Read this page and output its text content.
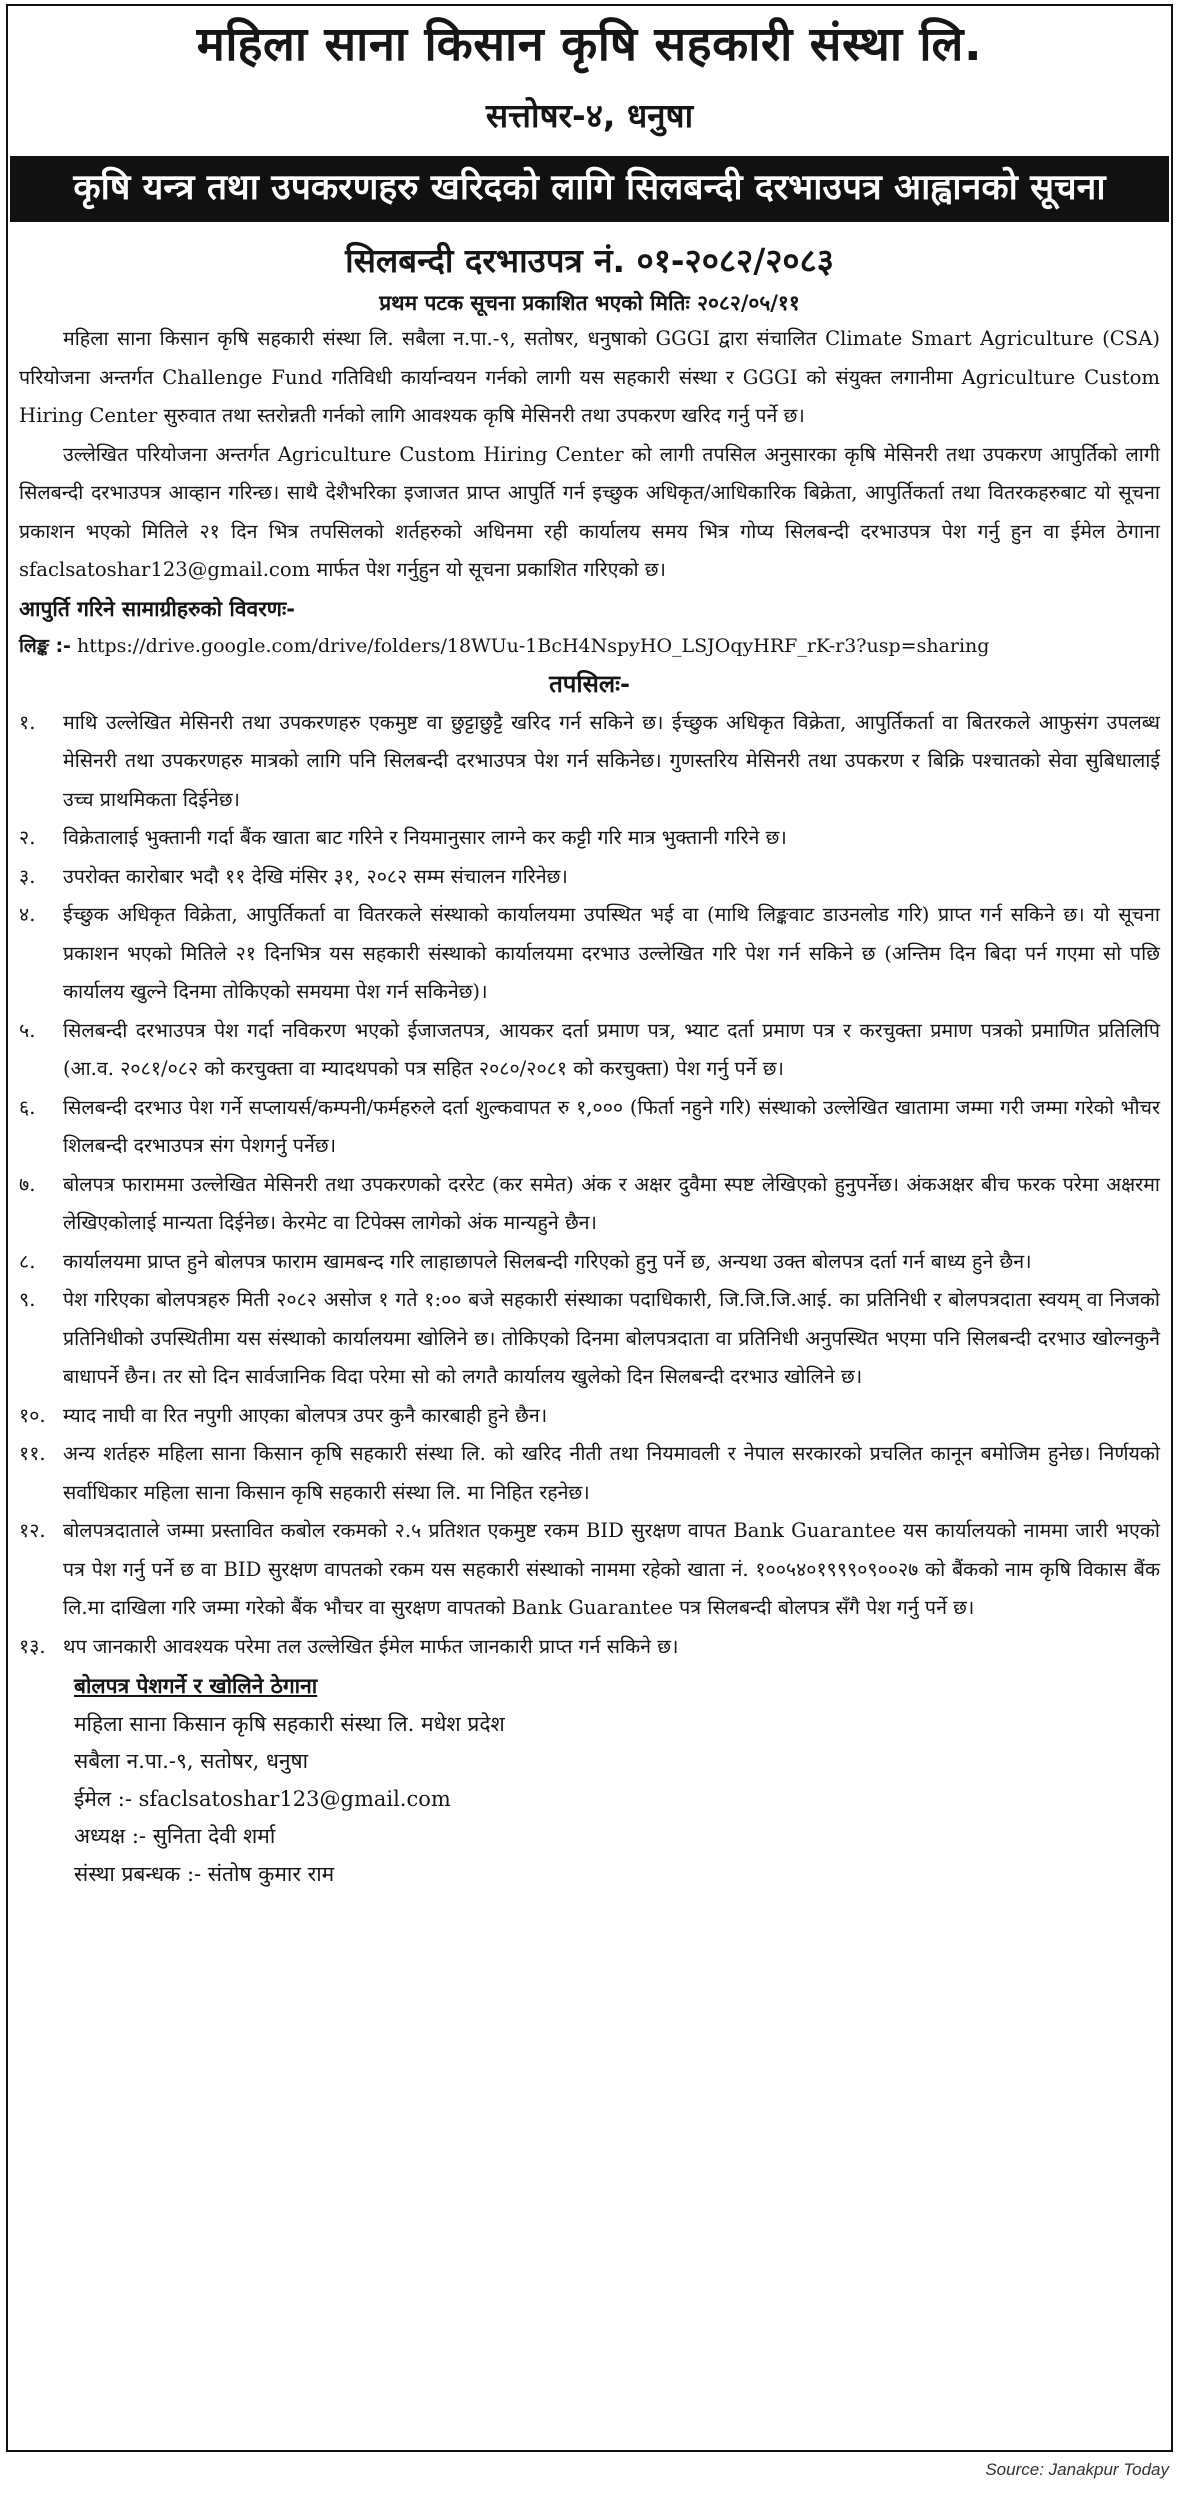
महिला साना किसान कृषि सहकारी संस्था लि.
सत्तोषर-४, धनुषा
कृषि यन्त्र तथा उपकरणहरु खरिदको लागि सिलबन्दी दरभाउपत्र आह्वानको सूचना
सिलबन्दी दरभाउपत्र नं. ०१-२०८२/२०८३
प्रथम पटक सूचना प्रकाशित भएको मितिः २०८२/०५/११

महिला साना किसान कृषि सहकारी संस्था लि. सबैला न.पा.-९, सतोषर, धनुषाको GGGI द्वारा संचालित Climate Smart Agriculture (CSA) परियोजना अन्तर्गत Challenge Fund गतिविधी कार्यान्वयन गर्नको लागी यस सहकारी संस्था र GGGI को संयुक्त लगानीमा Agriculture Custom Hiring Center सुरुवात तथा स्तरोन्नती गर्नको लागि आवश्यक कृषि मेसिनरी तथा उपकरण खरिद गर्नु पर्ने छ।

उल्लेखित परियोजना अन्तर्गत Agriculture Custom Hiring Center को लागी तपसिल अनुसारका कृषि मेसिनरी तथा उपकरण आपुर्तिको लागी सिलबन्दी दरभाउपत्र आव्हान गरिन्छ। साथै देशैभरिका इजाजत प्राप्त आपुर्ति गर्न इच्छुक अधिकृत/आधिकारिक बिक्रेता, आपुर्तिकर्ता तथा वितरकहरुबाट यो सूचना प्रकाशन भएको मितिले २१ दिन भित्र तपसिलको शर्तहरुको अधिनमा रही कार्यालय समय भित्र गोप्य सिलबन्दी दरभाउपत्र पेश गर्नु हुन वा ईमेल ठेगाना sfaclsatoshar123@gmail.com मार्फत पेश गर्नुहुन यो सूचना प्रकाशित गरिएको छ।

आपुर्ति गरिने सामाग्रीहरुको विवरणः-
लिङ्क :- https://drive.google.com/drive/folders/18WUu-1BcH4NspyHO_LSJOqyHRF_rK-r3?usp=sharing
तपसिलः-
१.	माथि उल्लेखित मेसिनरी तथा उपकरणहरु एकमुष्ट वा छुट्टाछुट्टै खरिद गर्न सकिने छ। ईच्छुक अधिकृत विक्रेता, आपुर्तिकर्ता वा बितरकले आफुसंग उपलब्ध मेसिनरी तथा उपकरणहरु मात्रको लागि पनि सिलबन्दी दरभाउपत्र पेश गर्न सकिनेछ। गुणस्तरिय मेसिनरी तथा उपकरण र बिक्रि पश्चातको सेवा सुबिधालाई उच्च प्राथमिकता दिईनेछ।
२.	विक्रेतालाई भुक्तानी गर्दा बैंक खाता बाट गरिने र नियमानुसार लाग्ने कर कट्टी गरि मात्र भुक्तानी गरिने छ।
३.	उपरोक्त कारोबार भदौ ११ देखि मंसिर ३१, २०८२ सम्म संचालन गरिनेछ।
४.	ईच्छुक अधिकृत विक्रेता, आपुर्तिकर्ता वा वितरकले संस्थाको कार्यालयमा उपस्थित भई वा (माथि लिङ्कवाट डाउनलोड गरि) प्राप्त गर्न सकिने छ। यो सूचना प्रकाशन भएको मितिले २१ दिनभित्र यस सहकारी संस्थाको कार्यालयमा दरभाउ उल्लेखित गरि पेश गर्न सकिने छ (अन्तिम दिन बिदा पर्न गएमा सो पछि कार्यालय खुल्ने दिनमा तोकिएको समयमा पेश गर्न सकिनेछ)।
५.	सिलबन्दी दरभाउपत्र पेश गर्दा नविकरण भएको ईजाजतपत्र, आयकर दर्ता प्रमाण पत्र, भ्याट दर्ता प्रमाण पत्र र करचुक्ता प्रमाण पत्रको प्रमाणित प्रतिलिपि (आ.व. २०८१/०८२ को करचुक्ता वा म्यादथपको पत्र सहित २०८०/२०८१ को करचुक्ता) पेश गर्नु पर्ने छ।
६.	सिलबन्दी दरभाउ पेश गर्ने सप्लायर्स/कम्पनी/फर्महरुले दर्ता शुल्कवापत रु १,००० (फिर्ता नहुने गरि) संस्थाको उल्लेखित खातामा जम्मा गरी जम्मा गरेको भौचर शिलबन्दी दरभाउपत्र संग पेशगर्नु पर्नेछ।
७.	बोलपत्र फाराममा उल्लेखित मेसिनरी तथा उपकरणको दररेट (कर समेत) अंक र अक्षर दुवैमा स्पष्ट लेखिएको हुनुपर्नेछ। अंकअक्षर बीच फरक परेमा अक्षरमा लेखिएकोलाई मान्यता दिईनेछ। केरमेट वा टिपेक्स लागेको अंक मान्यहुने छैन।
८.	कार्यालयमा प्राप्त हुने बोलपत्र फाराम खामबन्द गरि लाहाछापले सिलबन्दी गरिएको हुनु पर्ने छ, अन्यथा उक्त बोलपत्र दर्ता गर्न बाध्य हुने छैन।
९.	पेश गरिएका बोलपत्रहरु मिती २०८२ असोज १ गते १:०० बजे सहकारी संस्थाका पदाधिकारी, जि.जि.जि.आई. का प्रतिनिधी र बोलपत्रदाता स्वयम् वा निजको प्रतिनिधीको उपस्थितीमा यस संस्थाको कार्यालयमा खोलिने छ। तोकिएको दिनमा बोलपत्रदाता वा प्रतिनिधी अनुपस्थित भएमा पनि सिलबन्दी दरभाउ खोल्नकुनै बाधापर्ने छैन। तर सो दिन सार्वजानिक विदा परेमा सो को लगतै कार्यालय खुलेको दिन सिलबन्दी दरभाउ खोलिने छ।
१०. म्याद नाघी वा रित नपुगी आएका बोलपत्र उपर कुनै कारबाही हुने छैन।
११. अन्य शर्तहरु महिला साना किसान कृषि सहकारी संस्था लि. को खरिद नीती तथा नियमावली र नेपाल सरकारको प्रचलित कानून बमोजिम हुनेछ। निर्णयको सर्वाधिकार महिला साना किसान कृषि सहकारी संस्था लि. मा निहित रहनेछ।
१२. बोलपत्रदाताले जम्मा प्रस्तावित कबोल रकमको २.५ प्रतिशत एकमुष्ट रकम BID सुरक्षण वापत Bank Guarantee यस कार्यालयको नाममा जारी भएको पत्र पेश गर्नु पर्ने छ वा BID सुरक्षण वापतको रकम यस सहकारी संस्थाको नाममा रहेको खाता नं. १००५४०१९९९०९००२७ को बैंकको नाम कृषि विकास बैंक लि.मा दाखिला गरि जम्मा गरेको बैंक भौचर वा सुरक्षण वापतको Bank Guarantee पत्र सिलबन्दी बोलपत्र सँगै पेश गर्नु पर्ने छ।
१३. थप जानकारी आवश्यक परेमा तल उल्लेखित ईमेल मार्फत जानकारी प्राप्त गर्न सकिने छ।
बोलपत्र पेशगर्ने र खोलिने ठेगाना
महिला साना किसान कृषि सहकारी संस्था लि. मधेश प्रदेश
सबैला न.पा.-९, सतोषर, धनुषा
ईमेल :- sfaclsatoshar123@gmail.com
अध्यक्ष :- सुनिता देवी शर्मा
संस्था प्रबन्धक :- संतोष कुमार राम
Source: Janakpur Today
